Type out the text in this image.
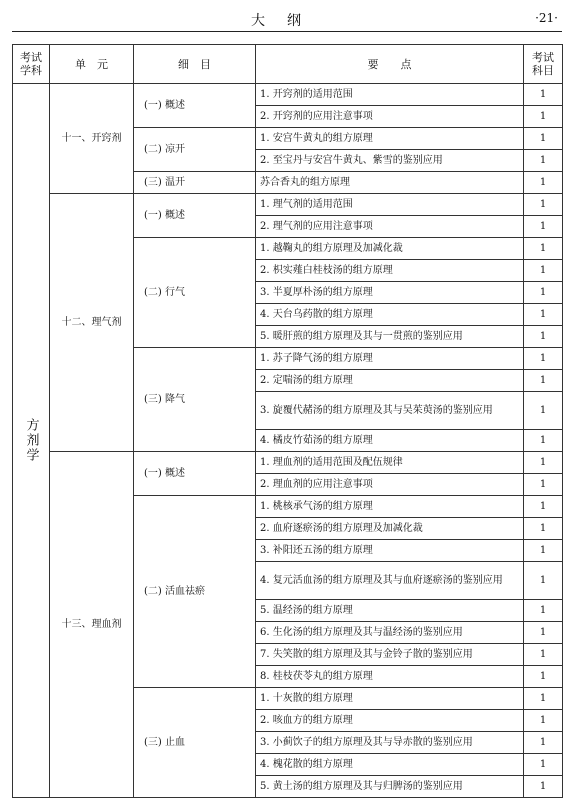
大纲	·21·
考试学科	单　元	细　目	要　　点	考试科目

方剂学	十一、开窍剂	(一) 概述	1. 开窍剂的适用范围	1
			2. 开窍剂的应用注意事项	1
		(二) 凉开	1. 安宫牛黄丸的组方原理	1
			2. 至宝丹与安宫牛黄丸、紫雪的鉴别应用	1
		(三) 温开	苏合香丸的组方原理	1
	十二、理气剂	(一) 概述	1. 理气剂的适用范围	1
			2. 理气剂的应用注意事项	1
		(二) 行气	1. 越鞠丸的组方原理及加减化裁	1
			2. 枳实薤白桂枝汤的组方原理	1
			3. 半夏厚朴汤的组方原理	1
			4. 天台乌药散的组方原理	1
			5. 暖肝煎的组方原理及其与一贯煎的鉴别应用	1
		(三) 降气	1. 苏子降气汤的组方原理	1
			2. 定喘汤的组方原理	1
			3. 旋覆代赭汤的组方原理及其与吴茱萸汤的鉴别应用	1
			4. 橘皮竹茹汤的组方原理	1
	十三、理血剂	(一) 概述	1. 理血剂的适用范围及配伍规律	1
			2. 理血剂的应用注意事项	1
		(二) 活血祛瘀	1. 桃核承气汤的组方原理	1
			2. 血府逐瘀汤的组方原理及加减化裁	1
			3. 补阳还五汤的组方原理	1
			4. 复元活血汤的组方原理及其与血府逐瘀汤的鉴别应用	1
			5. 温经汤的组方原理	1
			6. 生化汤的组方原理及其与温经汤的鉴别应用	1
			7. 失笑散的组方原理及其与金铃子散的鉴别应用	1
			8. 桂枝茯苓丸的组方原理	1
		(三) 止血	1. 十灰散的组方原理	1
			2. 咳血方的组方原理	1
			3. 小蓟饮子的组方原理及其与导赤散的鉴别应用	1
			4. 槐花散的组方原理	1
			5. 黄土汤的组方原理及其与归脾汤的鉴别应用	1
